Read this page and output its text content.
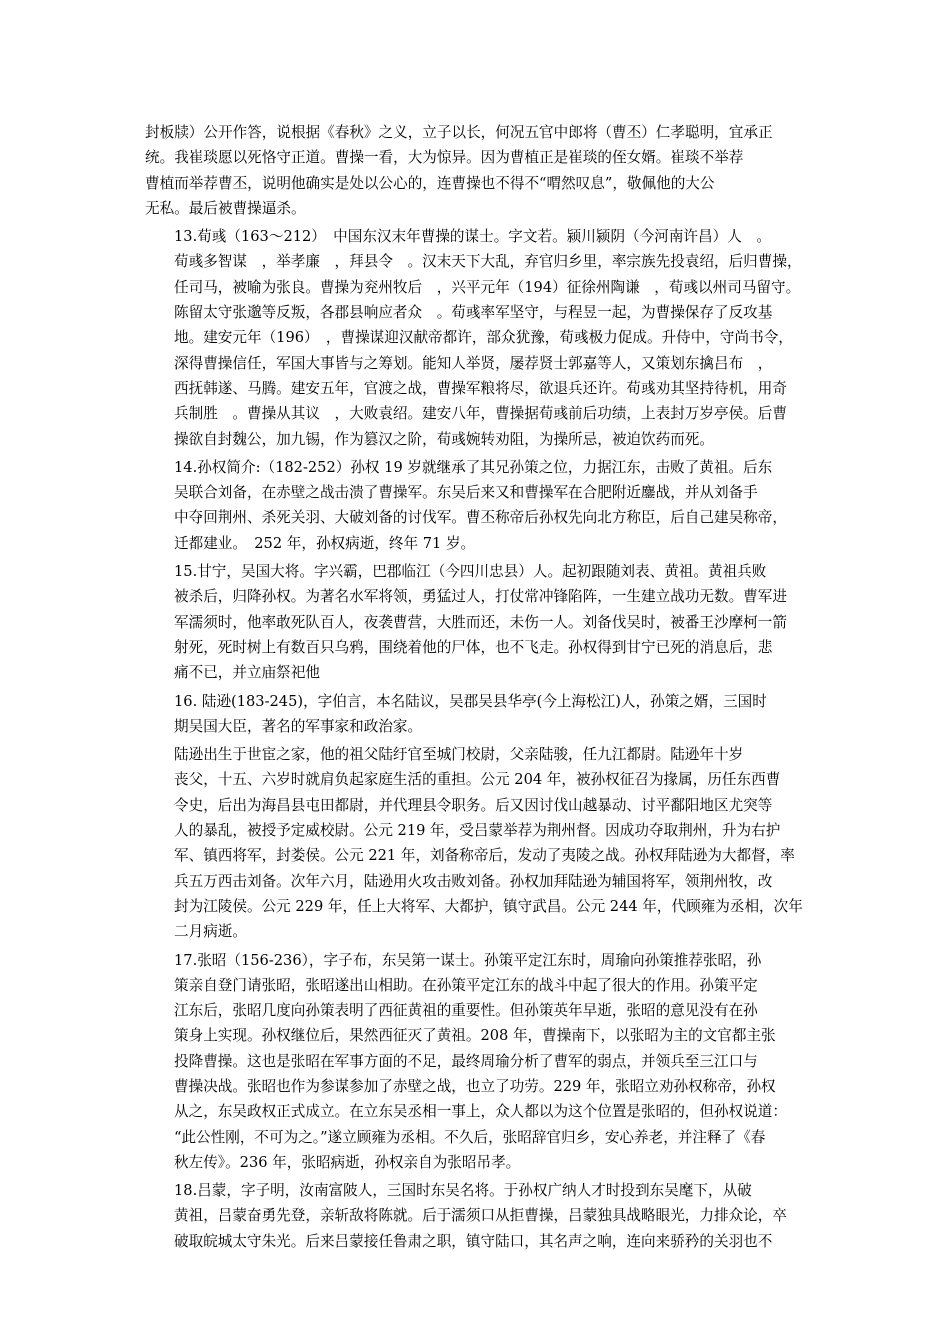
封板牍）公开作答，说根据《春秋》之义，立子以长，何况五官中郎将（曹丕）仁孝聪明，宜承正
统。我崔琰愿以死恪守正道。曹操一看，大为惊异。因为曹植正是崔琰的侄女婿。崔琰不举荐
曹植而举荐曹丕，说明他确实是处以公心的，连曹操也不得不“喟然叹息”，敬佩他的大公
无私。最后被曹操逼杀。
13.荀彧（163～212）　中国东汉末年曹操的谋士。字文若。颍川颍阴（今河南许昌）人　。
荀彧多智谋　，举孝廉　，拜县令　。汉末天下大乱，弃官归乡里，率宗族先投袁绍，后归曹操，
任司马，被喻为张良。曹操为兖州牧后　，兴平元年（194）征徐州陶谦　，荀彧以州司马留守。
陈留太守张邈等反叛，各郡县响应者众　。荀彧率军坚守，与程昱一起，为曹操保存了反攻基
地。建安元年（196）　，曹操谋迎汉献帝都许，部众犹豫，荀彧极力促成。升侍中，守尚书令，
深得曹操信任，军国大事皆与之筹划。能知人举贤，屡荐贤士郭嘉等人，又策划东擒吕布　，
西抚韩遂、马腾。建安五年，官渡之战，曹操军粮将尽，欲退兵还许。荀彧劝其坚持待机，用奇
兵制胜　。曹操从其议　，大败袁绍。建安八年，曹操据荀彧前后功绩，上表封万岁亭侯。后曹
操欲自封魏公，加九锡，作为篡汉之阶，荀彧婉转劝阻，为操所忌，被迫饮药而死。
14.孙权简介:（182-252）孙权 19 岁就继承了其兄孙策之位，力据江东，击败了黄祖。后东
吴联合刘备，在赤壁之战击溃了曹操军。东吴后来又和曹操军在合肥附近鏖战，并从刘备手
中夺回荆州、杀死关羽、大破刘备的讨伐军。曹丕称帝后孙权先向北方称臣，后自己建吴称帝，
迁都建业。　252 年，孙权病逝，终年 71 岁。
15.甘宁，吴国大将。字兴霸，巴郡临江（今四川忠县）人。起初跟随刘表、黄祖。黄祖兵败
被杀后，归降孙权。为著名水军将领，勇猛过人，打仗常冲锋陷阵，一生建立战功无数。曹军进
军濡须时，他率敢死队百人，夜袭曹营，大胜而还，未伤一人。刘备伐吴时，被番王沙摩柯一箭
射死，死时树上有数百只乌鸦，围绕着他的尸体，也不飞走。孙权得到甘宁已死的消息后，悲
痛不已，并立庙祭祀他
16. 陆逊(183-245)，字伯言，本名陆议，吴郡吴县华亭(今上海松江)人，孙策之婿，三国时
期吴国大臣，著名的军事家和政治家。
陆逊出生于世宦之家，他的祖父陆纡官至城门校尉，父亲陆骏，任九江都尉。陆逊年十岁
丧父，十五、六岁时就肩负起家庭生活的重担。公元 204 年，被孙权征召为掾属，历任东西曹
令史，后出为海昌县屯田都尉，并代理县令职务。后又因讨伐山越暴动、讨平鄱阳地区尤突等
人的暴乱，被授予定威校尉。公元 219 年，受吕蒙举荐为荆州督。因成功夺取荆州，升为右护
军、镇西将军，封娄侯。公元 221 年，刘备称帝后，发动了夷陵之战。孙权拜陆逊为大都督，率
兵五万西击刘备。次年六月，陆逊用火攻击败刘备。孙权加拜陆逊为辅国将军，领荆州牧，改
封为江陵侯。公元 229 年，任上大将军、大都护，镇守武昌。公元 244 年，代顾雍为丞相，次年
二月病逝。
17.张昭（156-236），字子布，东吴第一谋士。孙策平定江东时，周瑜向孙策推荐张昭，孙
策亲自登门请张昭，张昭遂出山相助。在孙策平定江东的战斗中起了很大的作用。孙策平定
江东后，张昭几度向孙策表明了西征黄祖的重要性。但孙策英年早逝，张昭的意见没有在孙
策身上实现。孙权继位后，果然西征灭了黄祖。208 年，曹操南下，以张昭为主的文官都主张
投降曹操。这也是张昭在军事方面的不足，最终周瑜分析了曹军的弱点，并领兵至三江口与
曹操决战。张昭也作为参谋参加了赤壁之战，也立了功劳。229 年，张昭立劝孙权称帝，孙权
从之，东吴政权正式成立。在立东吴丞相一事上，众人都以为这个位置是张昭的，但孙权说道：
“此公性刚，不可为之。”遂立顾雍为丞相。不久后，张昭辞官归乡，安心养老，并注释了《春
秋左传》。236 年，张昭病逝，孙权亲自为张昭吊孝。
18.吕蒙，字子明，汝南富陂人，三国时东吴名将。于孙权广纳人才时投到东吴麾下，从破
黄祖，吕蒙奋勇先登，亲斩敌将陈就。后于濡须口从拒曹操，吕蒙独具战略眼光，力排众论，卒
破取皖城太守朱光。后来吕蒙接任鲁肃之职，镇守陆口，其名声之响，连向来骄矜的关羽也不
